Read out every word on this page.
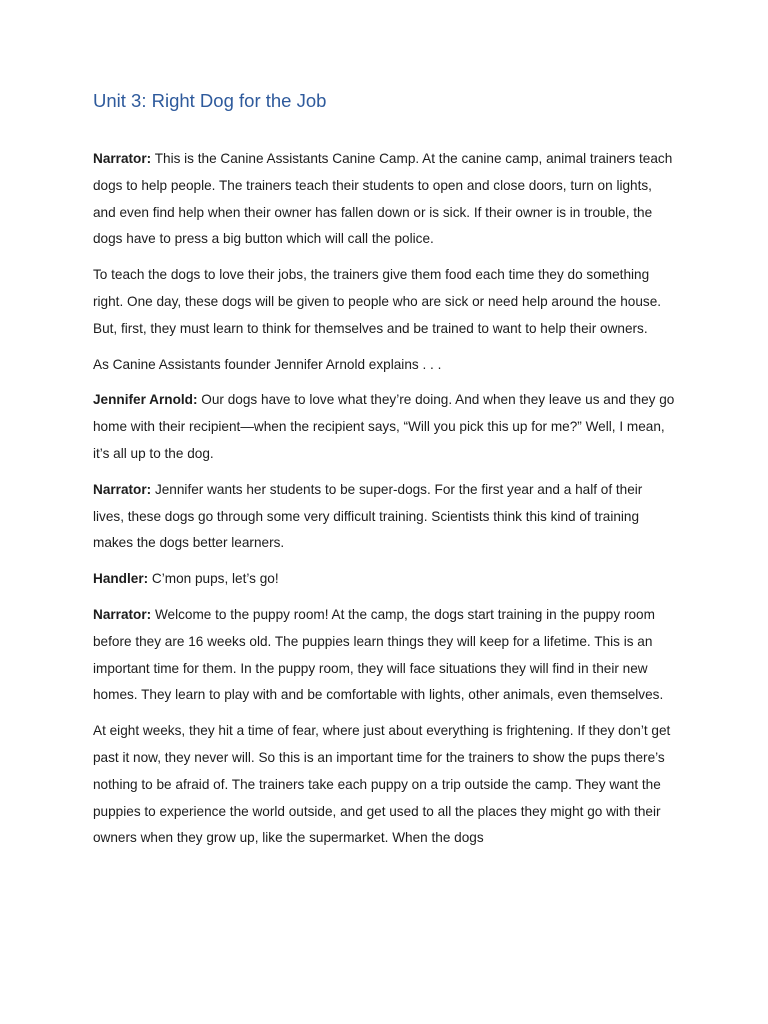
Unit 3: Right Dog for the Job

Narrator: This is the Canine Assistants Canine Camp. At the canine camp, animal trainers teach dogs to help people. The trainers teach their students to open and close doors, turn on lights, and even find help when their owner has fallen down or is sick. If their owner is in trouble, the dogs have to press a big button which will call the police.

To teach the dogs to love their jobs, the trainers give them food each time they do something right. One day, these dogs will be given to people who are sick or need help around the house. But, first, they must learn to think for themselves and be trained to want to help their owners.

As Canine Assistants founder Jennifer Arnold explains . . .

Jennifer Arnold: Our dogs have to love what they’re doing. And when they leave us and they go home with their recipient—when the recipient says, “Will you pick this up for me?” Well, I mean, it’s all up to the dog.

Narrator: Jennifer wants her students to be super-dogs. For the first year and a half of their lives, these dogs go through some very difficult training. Scientists think this kind of training makes the dogs better learners.

Handler: C’mon pups, let’s go!

Narrator: Welcome to the puppy room! At the camp, the dogs start training in the puppy room before they are 16 weeks old. The puppies learn things they will keep for a lifetime. This is an important time for them. In the puppy room, they will face situations they will find in their new homes. They learn to play with and be comfortable with lights, other animals, even themselves.

At eight weeks, they hit a time of fear, where just about everything is frightening. If they don’t get past it now, they never will. So this is an important time for the trainers to show the pups there’s nothing to be afraid of. The trainers take each puppy on a trip outside the camp. They want the puppies to experience the world outside, and get used to all the places they might go with their owners when they grow up, like the supermarket. When the dogs
